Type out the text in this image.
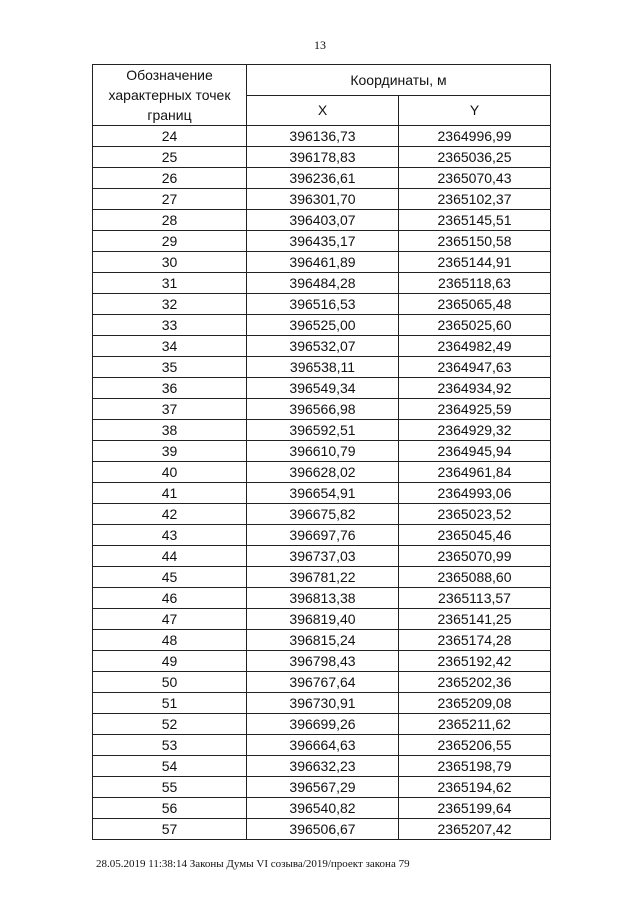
13
Обозначение характерных точек границ	Координаты, м	
	X	Y
24	396136,73	2364996,99
25	396178,83	2365036,25
26	396236,61	2365070,43
27	396301,70	2365102,37
28	396403,07	2365145,51
29	396435,17	2365150,58
30	396461,89	2365144,91
31	396484,28	2365118,63
32	396516,53	2365065,48
33	396525,00	2365025,60
34	396532,07	2364982,49
35	396538,11	2364947,63
36	396549,34	2364934,92
37	396566,98	2364925,59
38	396592,51	2364929,32
39	396610,79	2364945,94
40	396628,02	2364961,84
41	396654,91	2364993,06
42	396675,82	2365023,52
43	396697,76	2365045,46
44	396737,03	2365070,99
45	396781,22	2365088,60
46	396813,38	2365113,57
47	396819,40	2365141,25
48	396815,24	2365174,28
49	396798,43	2365192,42
50	396767,64	2365202,36
51	396730,91	2365209,08
52	396699,26	2365211,62
53	396664,63	2365206,55
54	396632,23	2365198,79
55	396567,29	2365194,62
56	396540,82	2365199,64
57	396506,67	2365207,42
28.05.2019 11:38:14 Законы Думы VI созыва/2019/проект закона 79
